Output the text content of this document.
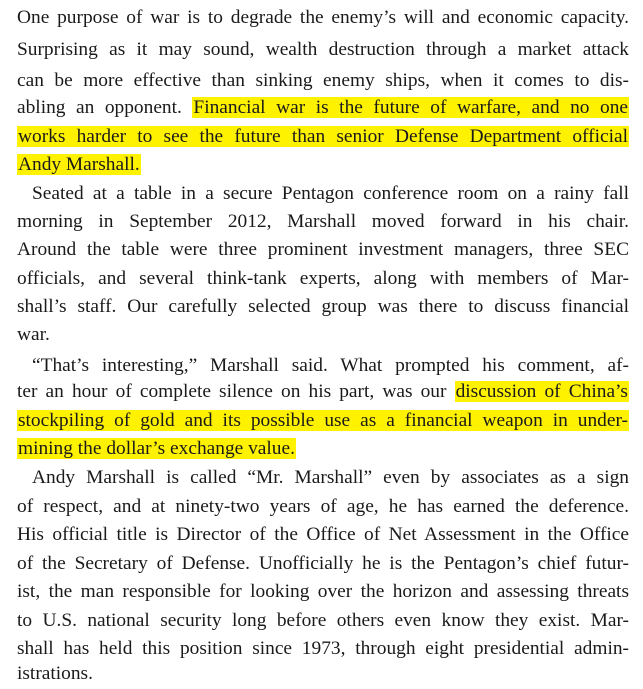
One purpose of war is to degrade the enemy’s will and economic capacity.
Surprising as it may sound, wealth destruction through a market attack
can be more effective than sinking enemy ships, when it comes to dis-
abling an opponent. Financial war is the future of warfare, and no one
works harder to see the future than senior Defense Department official
Andy Marshall.
Seated at a table in a secure Pentagon conference room on a rainy fall
morning in September 2012, Marshall moved forward in his chair.
Around the table were three prominent investment managers, three SEC
officials, and several think-tank experts, along with members of Mar-
shall’s staff. Our carefully selected group was there to discuss financial
war.
“That’s interesting,” Marshall said. What prompted his comment, af-
ter an hour of complete silence on his part, was our discussion of China’s
stockpiling of gold and its possible use as a financial weapon in under-
mining the dollar’s exchange value.
Andy Marshall is called “Mr. Marshall” even by associates as a sign
of respect, and at ninety-two years of age, he has earned the deference.
His official title is Director of the Office of Net Assessment in the Office
of the Secretary of Defense. Unofficially he is the Pentagon’s chief futur-
ist, the man responsible for looking over the horizon and assessing threats
to U.S. national security long before others even know they exist. Mar-
shall has held this position since 1973, through eight presidential admin-
istrations.
